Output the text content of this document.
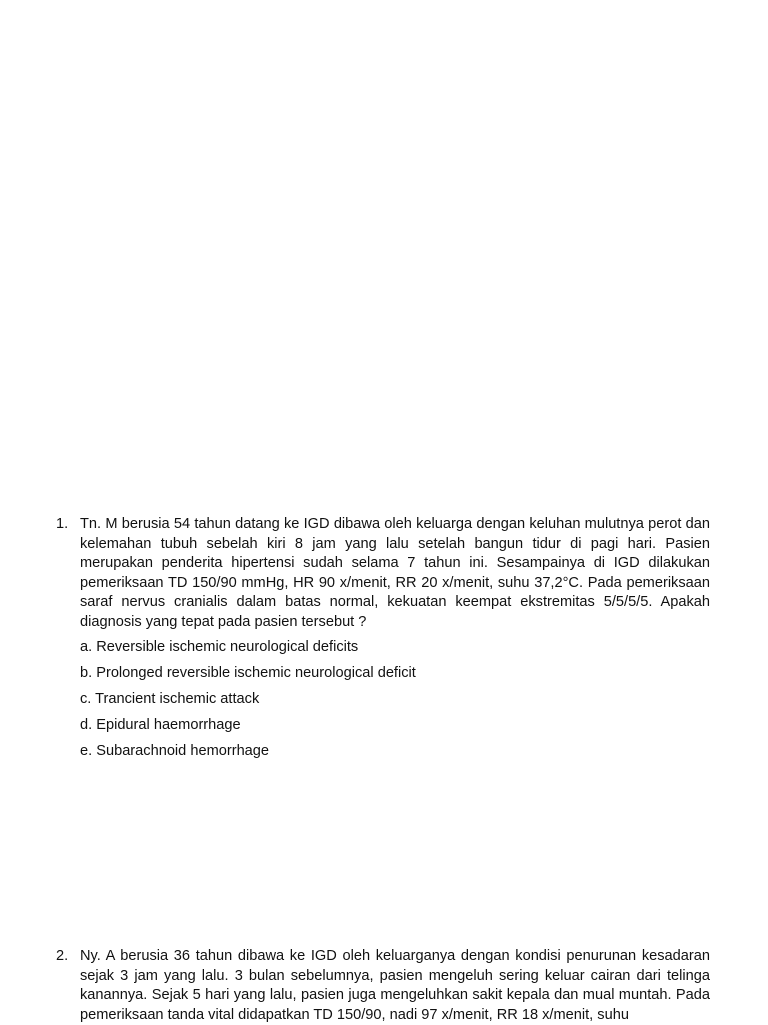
1. Tn. M berusia 54 tahun datang ke IGD dibawa oleh keluarga dengan keluhan mulutnya perot dan kelemahan tubuh sebelah kiri 8 jam yang lalu setelah bangun tidur di pagi hari. Pasien merupakan penderita hipertensi sudah selama 7 tahun ini. Sesampainya di IGD dilakukan pemeriksaan TD 150/90 mmHg, HR 90 x/menit, RR 20 x/menit, suhu 37,2°C. Pada pemeriksaan saraf nervus cranialis dalam batas normal, kekuatan keempat ekstremitas 5/5/5/5. Apakah diagnosis yang tepat pada pasien tersebut ?
a. Reversible ischemic neurological deficits
b. Prolonged reversible ischemic neurological deficit
c. Trancient ischemic attack
d. Epidural haemorrhage
e. Subarachnoid hemorrhage
2. Ny. A berusia 36 tahun dibawa ke IGD oleh keluarganya dengan kondisi penurunan kesadaran sejak 3 jam yang lalu. 3 bulan sebelumnya, pasien mengeluh sering keluar cairan dari telinga kanannya. Sejak 5 hari yang lalu, pasien juga mengeluhkan sakit kepala dan mual muntah. Pada pemeriksaan tanda vital didapatkan TD 150/90, nadi 97 x/menit, RR 18 x/menit, suhu
